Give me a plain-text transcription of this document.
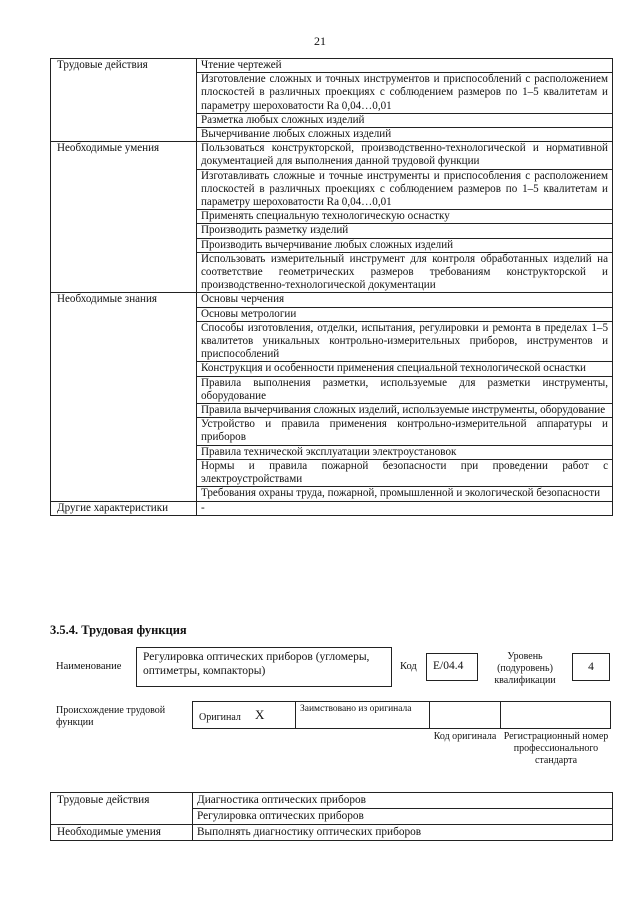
21
Трудовые действия	Чтение чертежей
	Изготовление сложных и точных инструментов и приспособлений с расположением плоскостей в различных проекциях с соблюдением размеров по 1–5 квалитетам и параметру шероховатости Ra 0,04…0,01
	Разметка любых сложных изделий
	Вычерчивание любых сложных изделий
Необходимые умения	Пользоваться конструкторской, производственно-технологической и нормативной документацией для выполнения данной трудовой функции
	Изготавливать сложные и точные инструменты и приспособления с расположением плоскостей в различных проекциях с соблюдением размеров по 1–5 квалитетам и параметру шероховатости Ra 0,04…0,01
	Применять специальную технологическую оснастку
	Производить разметку изделий
	Производить вычерчивание любых сложных изделий
	Использовать измерительный инструмент для контроля обработанных изделий на соответствие геометрических размеров требованиям конструкторской и производственно-технологической документации
Необходимые знания	Основы черчения
	Основы метрологии
	Способы изготовления, отделки, испытания, регулировки и ремонта в пределах 1–5 квалитетов уникальных контрольно-измерительных приборов, инструментов и приспособлений
	Конструкция и особенности применения специальной технологической оснастки
	Правила выполнения разметки, используемые для разметки инструменты, оборудование
	Правила вычерчивания сложных изделий, используемые инструменты, оборудование
	Устройство и правила применения контрольно-измерительной аппаратуры и приборов
	Правила технической эксплуатации электроустановок
	Нормы и правила пожарной безопасности при проведении работ с электроустройствами
	Требования охраны труда, пожарной, промышленной и экологической безопасности
Другие характеристики	-
3.5.4. Трудовая функция
Наименование
Регулировка оптических приборов (угломеры, оптиметры, компакторы)	Код E/04.4
Уровень (подуровень) квалификации
4
Происхождение трудовой функции	Оригинал X	Заимствовано из оригинала
Код оригинала Регистрационный номер профессионального стандарта
Трудовые действия	Диагностика оптических приборов
	Регулировка оптических приборов
Необходимые умения	Выполнять диагностику оптических приборов
